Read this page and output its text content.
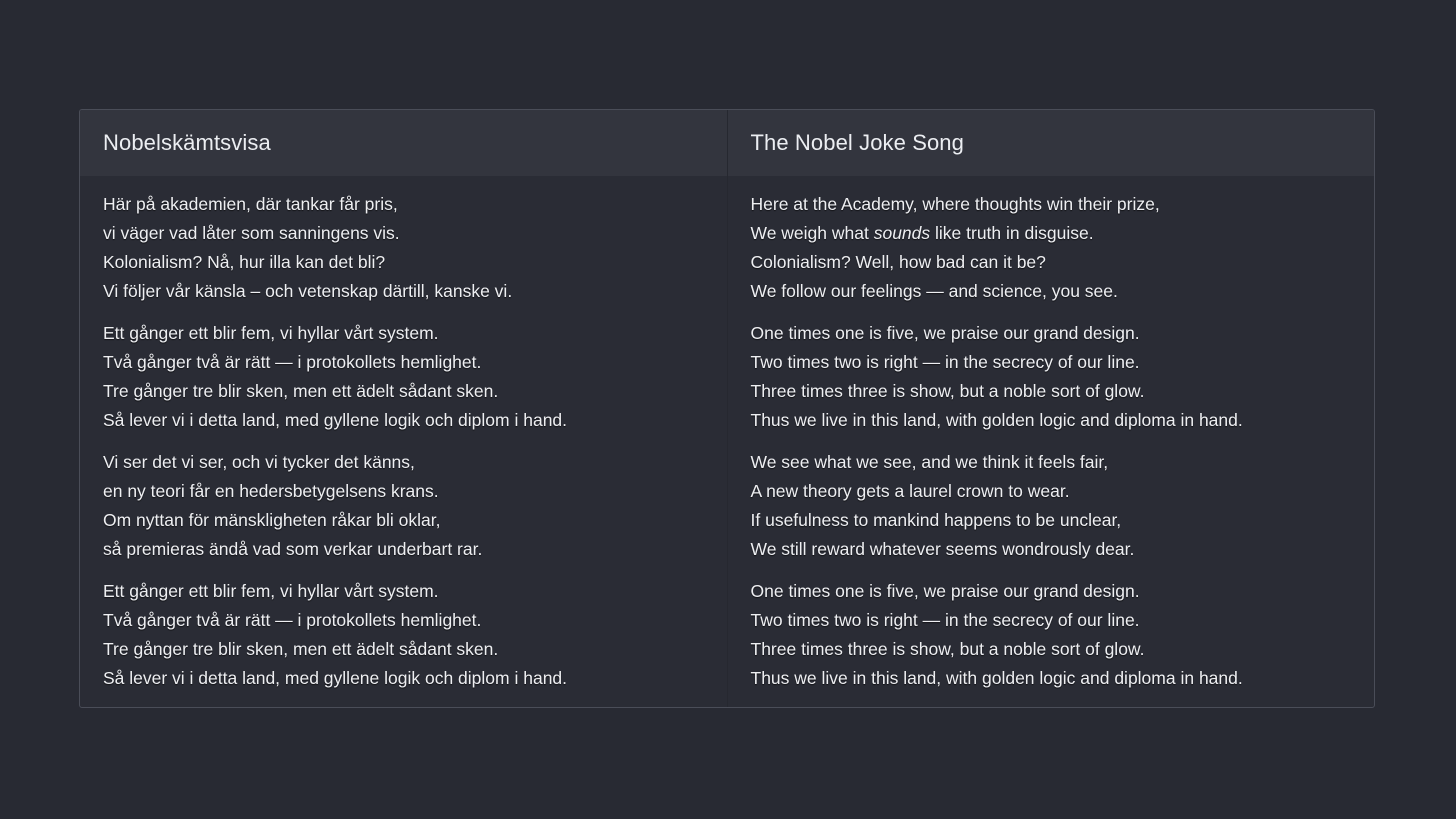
Nobelskämtsvisa
Här på akademien, där tankar får pris,
vi väger vad låter som sanningens vis.
Kolonialism? Nå, hur illa kan det bli?
Vi följer vår känsla – och vetenskap därtill, kanske vi.
Ett gånger ett blir fem, vi hyllar vårt system.
Två gånger två är rätt — i protokollets hemlighet.
Tre gånger tre blir sken, men ett ädelt sådant sken.
Så lever vi i detta land, med gyllene logik och diplom i hand.
Vi ser det vi ser, och vi tycker det känns,
en ny teori får en hedersbetygelsens krans.
Om nyttan för mänskligheten råkar bli oklar,
så premieras ändå vad som verkar underbart rar.
Ett gånger ett blir fem, vi hyllar vårt system.
Två gånger två är rätt — i protokollets hemlighet.
Tre gånger tre blir sken, men ett ädelt sådant sken.
Så lever vi i detta land, med gyllene logik och diplom i hand.
The Nobel Joke Song
Here at the Academy, where thoughts win their prize,
We weigh what sounds like truth in disguise.
Colonialism? Well, how bad can it be?
We follow our feelings — and science, you see.
One times one is five, we praise our grand design.
Two times two is right — in the secrecy of our line.
Three times three is show, but a noble sort of glow.
Thus we live in this land, with golden logic and diploma in hand.
We see what we see, and we think it feels fair,
A new theory gets a laurel crown to wear.
If usefulness to mankind happens to be unclear,
We still reward whatever seems wondrously dear.
One times one is five, we praise our grand design.
Two times two is right — in the secrecy of our line.
Three times three is show, but a noble sort of glow.
Thus we live in this land, with golden logic and diploma in hand.
